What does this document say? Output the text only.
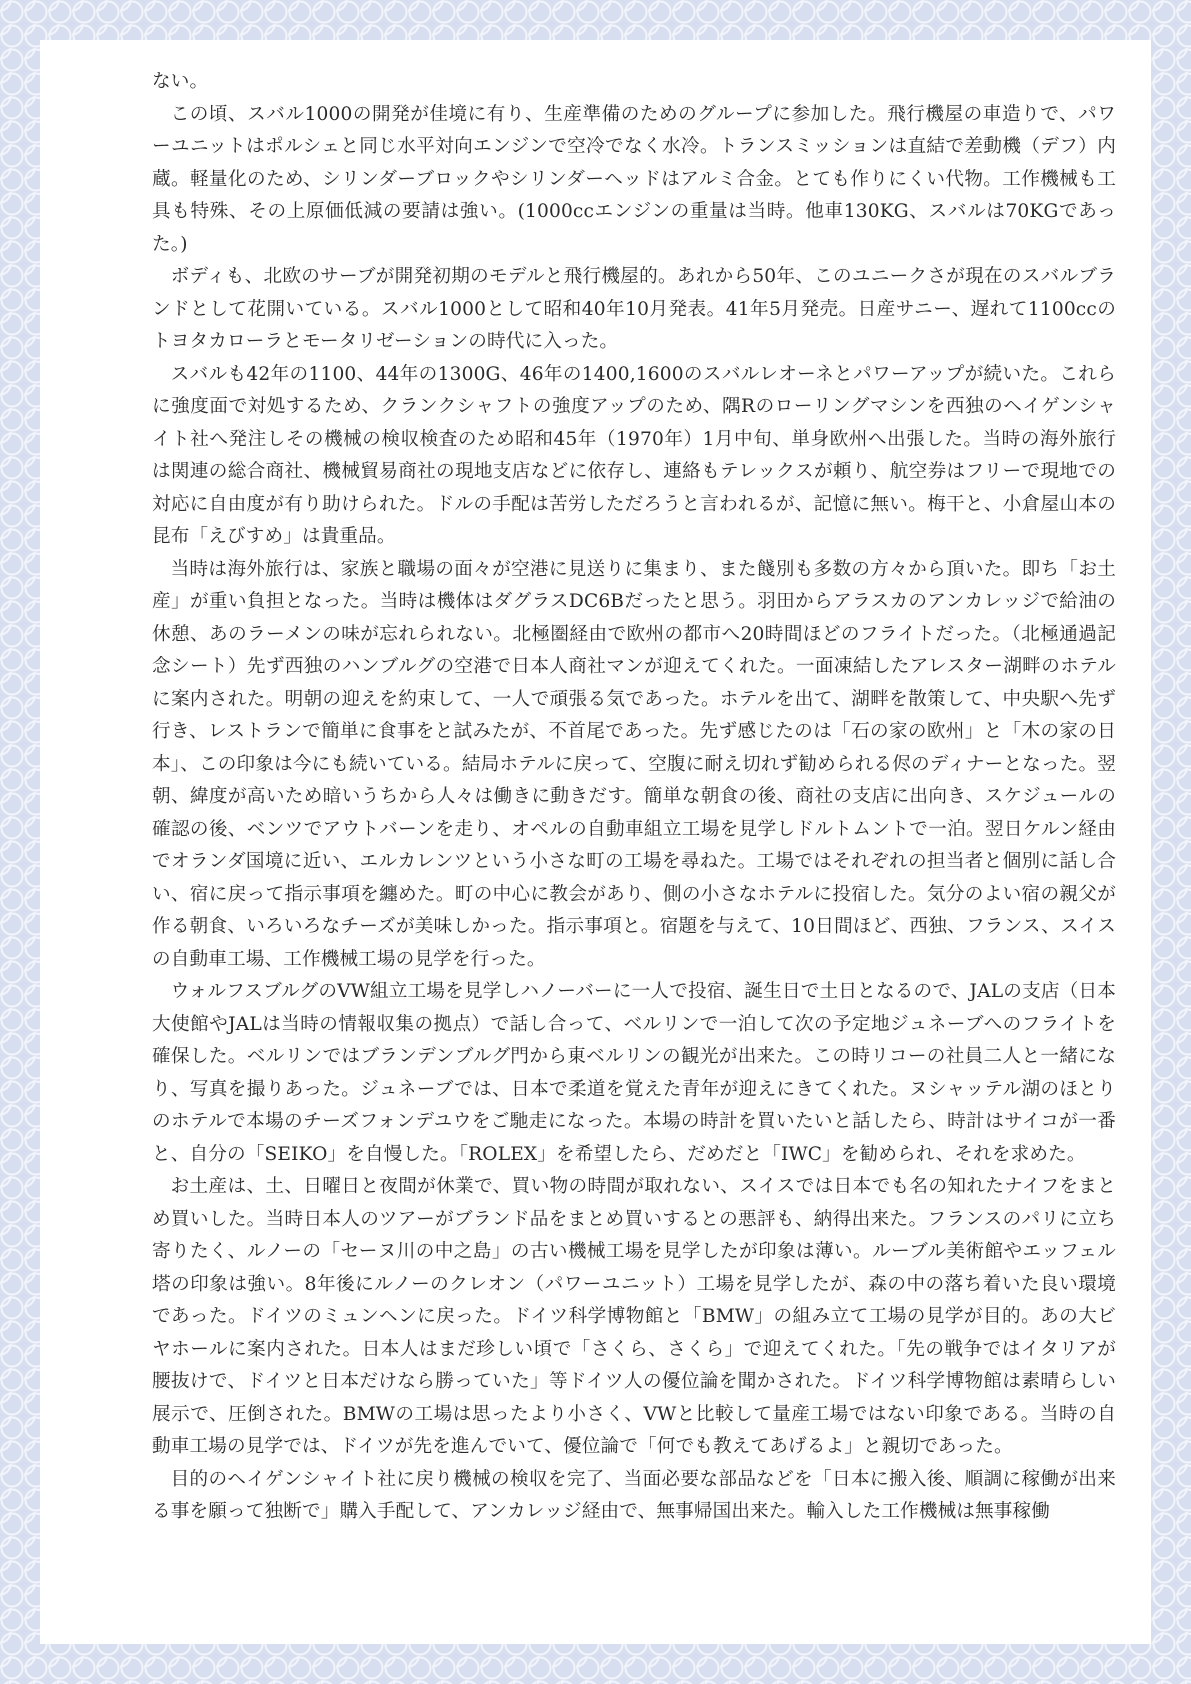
ない。

この頃、スバル1000の開発が佳境に有り、生産準備のためのグループに参加した。飛行機屋の車造りで、パワーユニットはポルシェと同じ水平対向エンジンで空冷でなく水冷。トランスミッションは直結で差動機（デフ）内蔵。軽量化のため、シリンダーブロックやシリンダーヘッドはアルミ合金。とても作りにくい代物。工作機械も工具も特殊、その上原価低減の要請は強い。(1000ccエンジンの重量は当時。他車130KG、スバルは70KGであった。)

ボディも、北欧のサーブが開発初期のモデルと飛行機屋的。あれから50年、このユニークさが現在のスバルブランドとして花開いている。スバル1000として昭和40年10月発表。41年5月発売。日産サニー、遅れて1100ccのトヨタカローラとモータリゼーションの時代に入った。

スバルも42年の1100、44年の1300G、46年の1400,1600のスバルレオーネとパワーアップが続いた。これらに強度面で対処するため、クランクシャフトの強度アップのため、隅Rのローリングマシンを西独のヘイゲンシャイト社へ発注しその機械の検収検査のため昭和45年（1970年）1月中旬、単身欧州へ出張した。当時の海外旅行は関連の総合商社、機械貿易商社の現地支店などに依存し、連絡もテレックスが頼り、航空券はフリーで現地での対応に自由度が有り助けられた。ドルの手配は苦労しただろうと言われるが、記憶に無い。梅干と、小倉屋山本の昆布「えびすめ」は貴重品。

当時は海外旅行は、家族と職場の面々が空港に見送りに集まり、また餞別も多数の方々から頂いた。即ち「お土産」が重い負担となった。当時は機体はダグラスDC6Bだったと思う。羽田からアラスカのアンカレッジで給油の休憩、あのラーメンの味が忘れられない。北極圏経由で欧州の都市へ20時間ほどのフライトだった。（北極通過記念シート）先ず西独のハンブルグの空港で日本人商社マンが迎えてくれた。一面凍結したアレスター湖畔のホテルに案内された。明朝の迎えを約束して、一人で頑張る気であった。ホテルを出て、湖畔を散策して、中央駅へ先ず行き、レストランで簡単に食事をと試みたが、不首尾であった。先ず感じたのは「石の家の欧州」と「木の家の日本」、この印象は今にも続いている。結局ホテルに戻って、空腹に耐え切れず勧められる侭のディナーとなった。翌朝、緯度が高いため暗いうちから人々は働きに動きだす。簡単な朝食の後、商社の支店に出向き、スケジュールの確認の後、ベンツでアウトバーンを走り、オペルの自動車組立工場を見学しドルトムントで一泊。翌日ケルン経由でオランダ国境に近い、エルカレンツという小さな町の工場を尋ねた。工場ではそれぞれの担当者と個別に話し合い、宿に戻って指示事項を纏めた。町の中心に教会があり、側の小さなホテルに投宿した。気分のよい宿の親父が作る朝食、いろいろなチーズが美味しかった。指示事項と。宿題を与えて、10日間ほど、西独、フランス、スイスの自動車工場、工作機械工場の見学を行った。

ウォルフスブルグのVW組立工場を見学しハノーバーに一人で投宿、誕生日で土日となるので、JALの支店（日本大使館やJALは当時の情報収集の拠点）で話し合って、ベルリンで一泊して次の予定地ジュネーブへのフライトを確保した。ベルリンではブランデンブルグ門から東ベルリンの観光が出来た。この時リコーの社員二人と一緒になり、写真を撮りあった。ジュネーブでは、日本で柔道を覚えた青年が迎えにきてくれた。ヌシャッテル湖のほとりのホテルで本場のチーズフォンデユウをご馳走になった。本場の時計を買いたいと話したら、時計はサイコが一番と、自分の「SEIKO」を自慢した。「ROLEX」を希望したら、だめだと「IWC」を勧められ、それを求めた。

お土産は、土、日曜日と夜間が休業で、買い物の時間が取れない、スイスでは日本でも名の知れたナイフをまとめ買いした。当時日本人のツアーがブランド品をまとめ買いするとの悪評も、納得出来た。フランスのパリに立ち寄りたく、ルノーの「セーヌ川の中之島」の古い機械工場を見学したが印象は薄い。ルーブル美術館やエッフェル塔の印象は強い。8年後にルノーのクレオン（パワーユニット）工場を見学したが、森の中の落ち着いた良い環境であった。ドイツのミュンヘンに戻った。ドイツ科学博物館と「BMW」の組み立て工場の見学が目的。あの大ビヤホールに案内された。日本人はまだ珍しい頃で「さくら、さくら」で迎えてくれた。「先の戦争ではイタリアが腰抜けで、ドイツと日本だけなら勝っていた」等ドイツ人の優位論を聞かされた。ドイツ科学博物館は素晴らしい展示で、圧倒された。BMWの工場は思ったより小さく、VWと比較して量産工場ではない印象である。当時の自動車工場の見学では、ドイツが先を進んでいて、優位論で「何でも教えてあげるよ」と親切であった。

目的のヘイゲンシャイト社に戻り機械の検収を完了、当面必要な部品などを「日本に搬入後、順調に稼働が出来る事を願って独断で」購入手配して、アンカレッジ経由で、無事帰国出来た。輸入した工作機械は無事稼働
